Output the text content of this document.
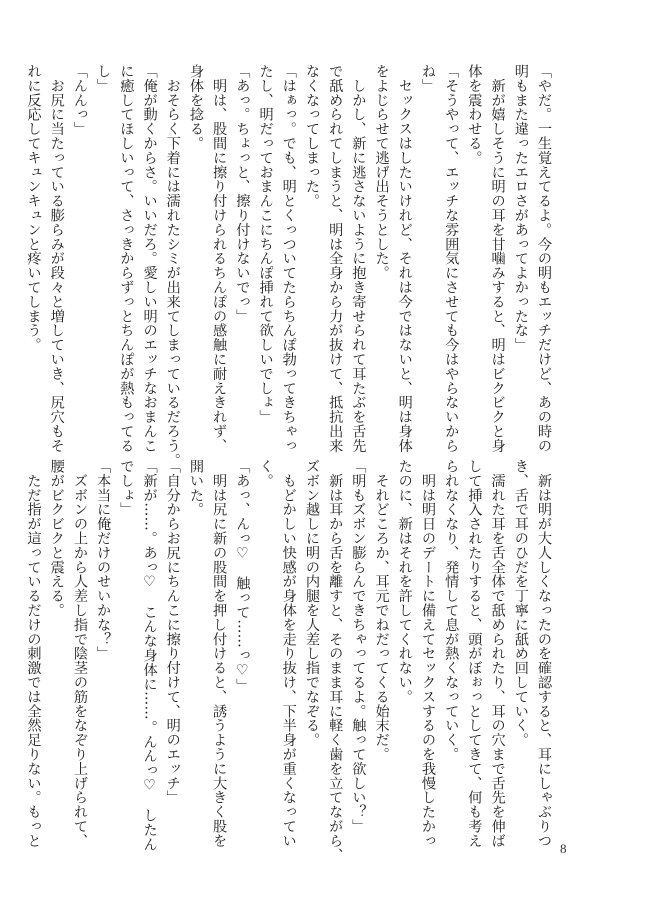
「やだ。一生覚えてるよ。今の明もエッチだけど、あの時の
明もまた違ったエロさがあってよかったな」
　新が嬉しそうに明の耳を甘噛みすると、明はビクビクと身
体を震わせる。
「そうやって、エッチな雰囲気にさせても今はやらないから
ね」
　セックスはしたいけれど、それは今ではないと、明は身体
をよじらせて逃げ出そうとした。
　しかし、新に逃さないように抱き寄せられて耳たぶを舌先
で舐められてしまうと、明は全身から力が抜けて、抵抗出来
なくなってしまった。
「はぁっ。でも、明とくっついてたらちんぽ勃ってきちゃっ
たし、明だっておまんこにちんぽ挿れて欲しいでしょ」
「あっ。ちょっと、擦り付けないでっ」
　明は、股間に擦り付けられるちんぽの感触に耐えきれず、
身体を捻る。
　おそらく下着には濡れたシミが出来てしまっているだろう。
「俺が動くからさ。いいだろ。愛しい明のエッチなおまんこ
に癒してほしいって、さっきからずっとちんぽが熱もってる
し」
「んんっ」
　お尻に当たっている膨らみが段々と増していき、尻穴もそ
れに反応してキュンキュンと疼いてしまう。
　新は明が大人しくなったのを確認すると、耳にしゃぶりつ
き、舌で耳のひだを丁寧に舐め回していく。
　濡れた耳を舌全体で舐められたり、耳の穴まで舌先を伸ば
して挿入されたりすると、頭がぼぉっとしてきて、何も考え
られなくなり、発情して息が熱くなっていく。
　明は明日のデートに備えてセックスするのを我慢したかっ
たのに、新はそれを許してくれない。
　それどころか、耳元でねだってくる始末だ。
「明もズボン膨らんできちゃってるよ。触って欲しい？」
　新は耳から舌を離すと、そのまま耳に軽く歯を立てながら、
ズボン越しに明の内腿を人差し指でなぞる。
　もどかしい快感が身体を走り抜け、下半身が重くなってい
く。
「あっ、んっ♡　触って……っ♡」
　明は尻に新の股間を押し付けると、誘うように大きく股を
開いた。
「自分からお尻にちんこに擦り付けて、明のエッチ」
「新が……。あっ♡　こんな身体に……。んんっ♡　したん
でしょ」
「本当に俺だけのせいかな？」
　ズボンの上から人差し指で陰茎の筋をなぞり上げられて、
腰がビクビクと震える。
　ただ指が這っているだけの刺激では全然足りない。もっと
8
